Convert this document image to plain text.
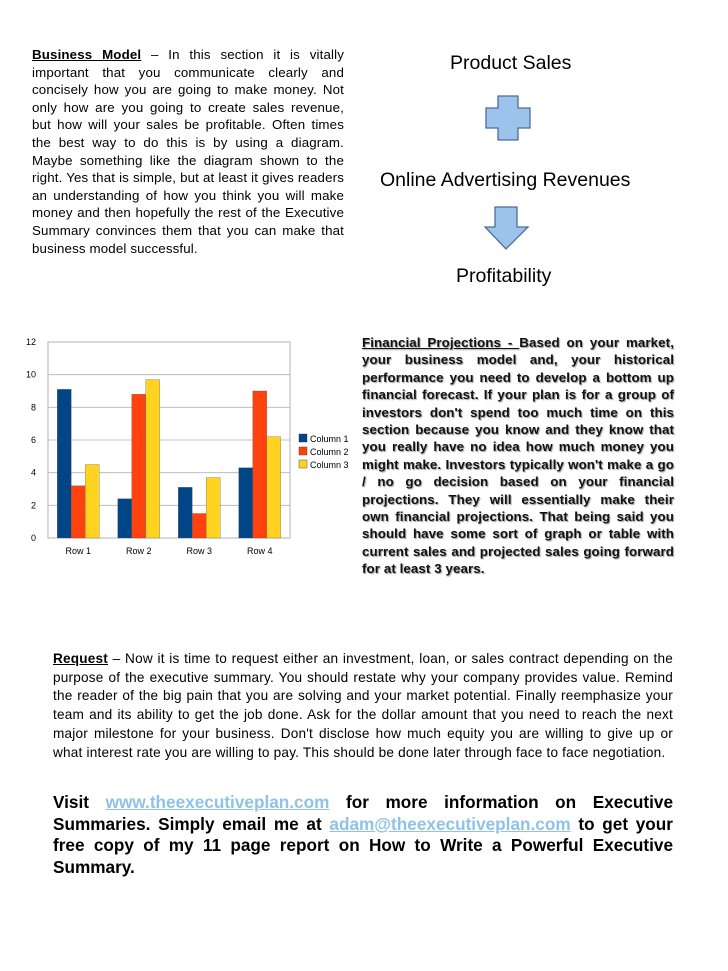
Business Model – In this section it is vitally important that you communicate clearly and concisely how you are going to make money. Not only how are you going to create sales revenue, but how will your sales be profitable. Often times the best way to do this is by using a diagram. Maybe something like the diagram shown to the right. Yes that is simple, but at least it gives readers an understanding of how you think you will make money and then hopefully the rest of the Executive Summary convinces them that you can make that business model successful.
Product Sales
Online Advertising Revenues
Profitability
0
2
4
6
8
10
12
Row 1	Row 2	Row 3	Row 4
Column 1
Column 2
Column 3
Financial Projections - Based on your market, your business model and, your historical performance you need to develop a bottom up financial forecast. If your plan is for a group of investors don't spend too much time on this section because you know and they know that you really have no idea how much money you might make. Investors typically won't make a go / no go decision based on your financial projections. They will essentially make their own financial projections. That being said you should have some sort of graph or table with current sales and projected sales going forward for at least 3 years.
Request – Now it is time to request either an investment, loan, or sales contract depending on the purpose of the executive summary. You should restate why your company provides value. Remind the reader of the big pain that you are solving and your market potential. Finally reemphasize your team and its ability to get the job done. Ask for the dollar amount that you need to reach the next major milestone for your business. Don't disclose how much equity you are willing to give up or what interest rate you are willing to pay. This should be done later through face to face negotiation.
Visit www.theexecutiveplan.com for more information on Executive Summaries. Simply email me at adam@theexecutiveplan.com to get your free copy of my 11 page report on How to Write a Powerful Executive Summary.
